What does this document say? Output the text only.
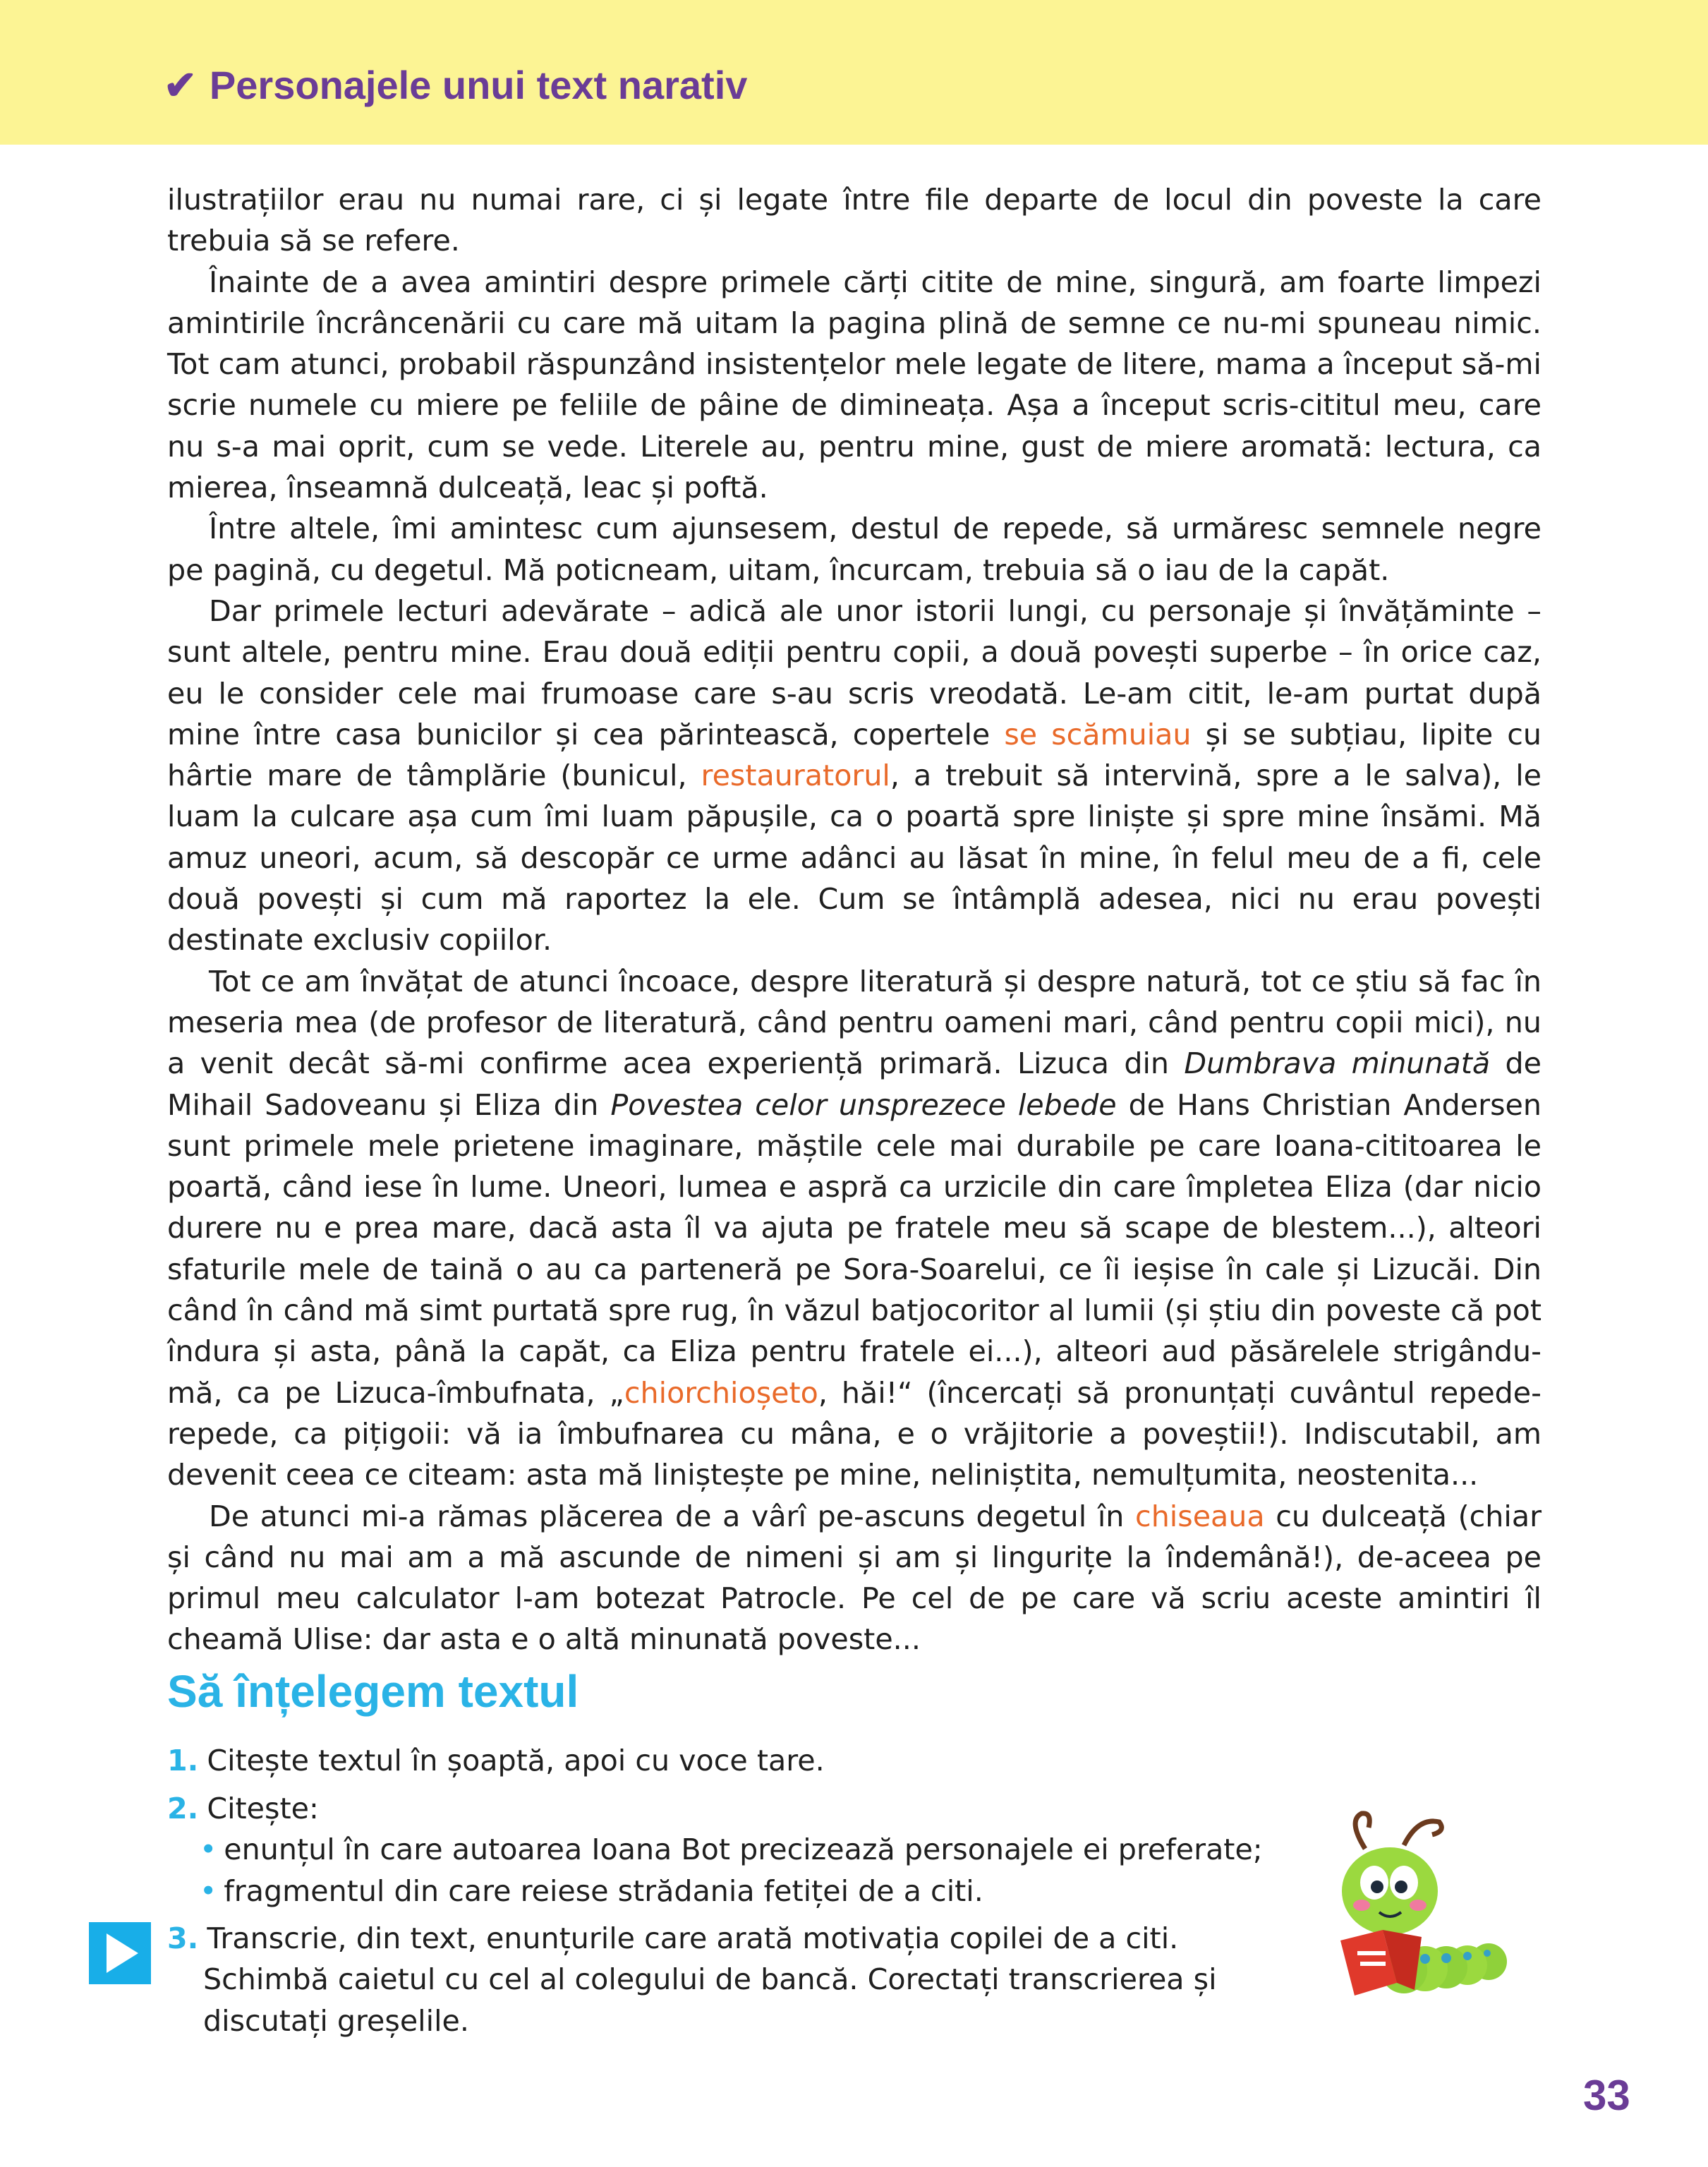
✔ Personajele unui text narativ

ilustrațiilor erau nu numai rare, ci și legate între file departe de locul din poveste la care trebuia să se refere.

Înainte de a avea amintiri despre primele cărți citite de mine, singură, am foarte limpezi amintirile încrâncenării cu care mă uitam la pagina plină de semne ce nu-mi spuneau nimic. Tot cam atunci, probabil răspunzând insistențelor mele legate de litere, mama a început să-mi scrie numele cu miere pe feliile de pâine de dimineața. Așa a început scris-cititul meu, care nu s-a mai oprit, cum se vede. Literele au, pentru mine, gust de miere aromată: lectura, ca mierea, înseamnă dulceață, leac și poftă.

Între altele, îmi amintesc cum ajunsesem, destul de repede, să urmăresc semnele negre pe pagină, cu degetul. Mă poticneam, uitam, încurcam, trebuia să o iau de la capăt.

Dar primele lecturi adevărate – adică ale unor istorii lungi, cu personaje și învățăminte – sunt altele, pentru mine. Erau două ediții pentru copii, a două povești superbe – în orice caz, eu le consider cele mai frumoase care s-au scris vreodată. Le-am citit, le-am purtat după mine între casa bunicilor și cea părintească, copertele se scămuiau și se subțiau, lipite cu hârtie mare de tâmplărie (bunicul, restauratorul, a trebuit să intervină, spre a le salva), le luam la culcare așa cum îmi luam păpușile, ca o poartă spre liniște și spre mine însămi. Mă amuz uneori, acum, să descopăr ce urme adânci au lăsat în mine, în felul meu de a fi, cele două povești și cum mă raportez la ele. Cum se întâmplă adesea, nici nu erau povești destinate exclusiv copiilor.

Tot ce am învățat de atunci încoace, despre literatură și despre natură, tot ce știu să fac în meseria mea (de profesor de literatură, când pentru oameni mari, când pentru copii mici), nu a venit decât să-mi confirme acea experiență primară. Lizuca din Dumbrava minunată de Mihail Sadoveanu și Eliza din Povestea celor unsprezece lebede de Hans Christian Andersen sunt primele mele prietene imaginare, măștile cele mai durabile pe care Ioana-cititoarea le poartă, când iese în lume. Uneori, lumea e aspră ca urzicile din care împletea Eliza (dar nicio durere nu e prea mare, dacă asta îl va ajuta pe fratele meu să scape de blestem...), alteori sfaturile mele de taină o au ca parteneră pe Sora-Soarelui, ce îi ieșise în cale și Lizucăi. Din când în când mă simt purtată spre rug, în văzul batjocoritor al lumii (și știu din poveste că pot îndura și asta, până la capăt, ca Eliza pentru fratele ei...), alteori aud păsărelele strigându-mă, ca pe Lizuca-îmbufnata, „chiorchioșeto, hăi!“ (încercați să pronunțați cuvântul repede-repede, ca pițigoii: vă ia îmbufnarea cu mâna, e o vrăjitorie a poveștii!). Indiscutabil, am devenit ceea ce citeam: asta mă liniștește pe mine, neliniștita, nemulțumita, neostenita...

De atunci mi-a rămas plăcerea de a vârî pe-ascuns degetul în chiseaua cu dulceață (chiar și când nu mai am a mă ascunde de nimeni și am și lingurițe la îndemână!), de-aceea pe primul meu calculator l-am botezat Patrocle. Pe cel de pe care vă scriu aceste amintiri îl cheamă Ulise: dar asta e o altă minunată poveste...

Să înțelegem textul
1. Citește textul în șoaptă, apoi cu voce tare.
2. Citește:
• enunțul în care autoarea Ioana Bot precizează personajele ei preferate;
• fragmentul din care reiese strădania fetiței de a citi.
3. Transcrie, din text, enunțurile care arată motivația copilei de a citi.
Schimbă caietul cu cel al colegului de bancă. Corectați transcrierea și
discutați greșelile.
33
